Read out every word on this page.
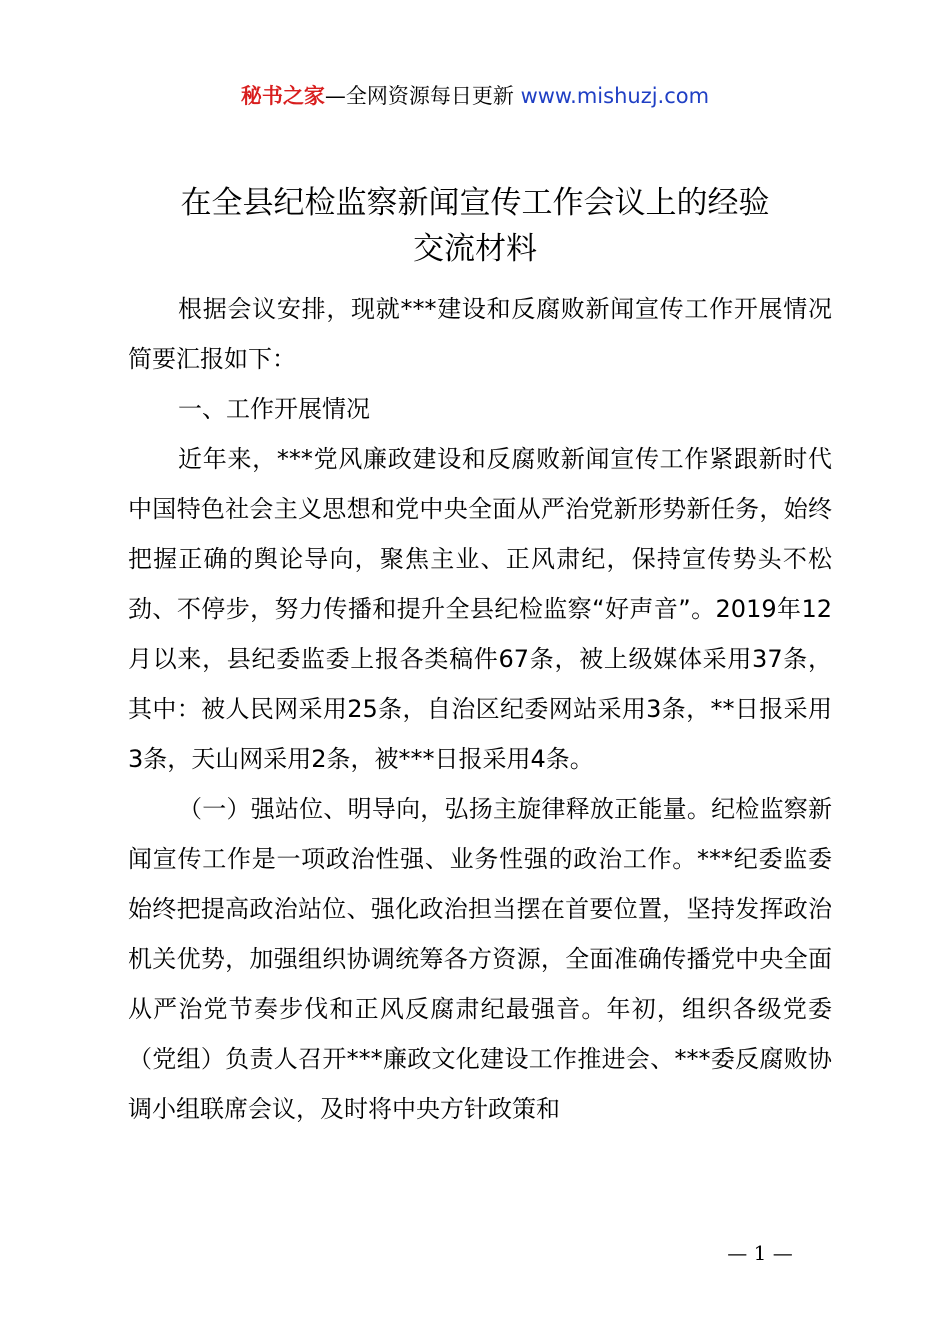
秘书之家—全网资源每日更新 www.mishuzj.com
在全县纪检监察新闻宣传工作会议上的经验
交流材料

根据会议安排，现就***建设和反腐败新闻宣传工作开展情况简要汇报如下：

一、工作开展情况

近年来，***党风廉政建设和反腐败新闻宣传工作紧跟新时代中国特色社会主义思想和党中央全面从严治党新形势新任务，始终把握正确的舆论导向，聚焦主业、正风肃纪，保持宣传势头不松劲、不停步，努力传播和提升全县纪检监察“好声音”。2019年12月以来，县纪委监委上报各类稿件67条，被上级媒体采用37条，其中：被人民网采用25条，自治区纪委网站采用3条，**日报采用3条，天山网采用2条，被***日报采用4条。

（一）强站位、明导向，弘扬主旋律释放正能量。纪检监察新闻宣传工作是一项政治性强、业务性强的政治工作。***纪委监委始终把提高政治站位、强化政治担当摆在首要位置，坚持发挥政治机关优势，加强组织协调统筹各方资源，全面准确传播党中央全面从严治党节奏步伐和正风反腐肃纪最强音。年初，组织各级党委（党组）负责人召开***廉政文化建设工作推进会、***委反腐败协调小组联席会议，及时将中央方针政策和

— 1 —
